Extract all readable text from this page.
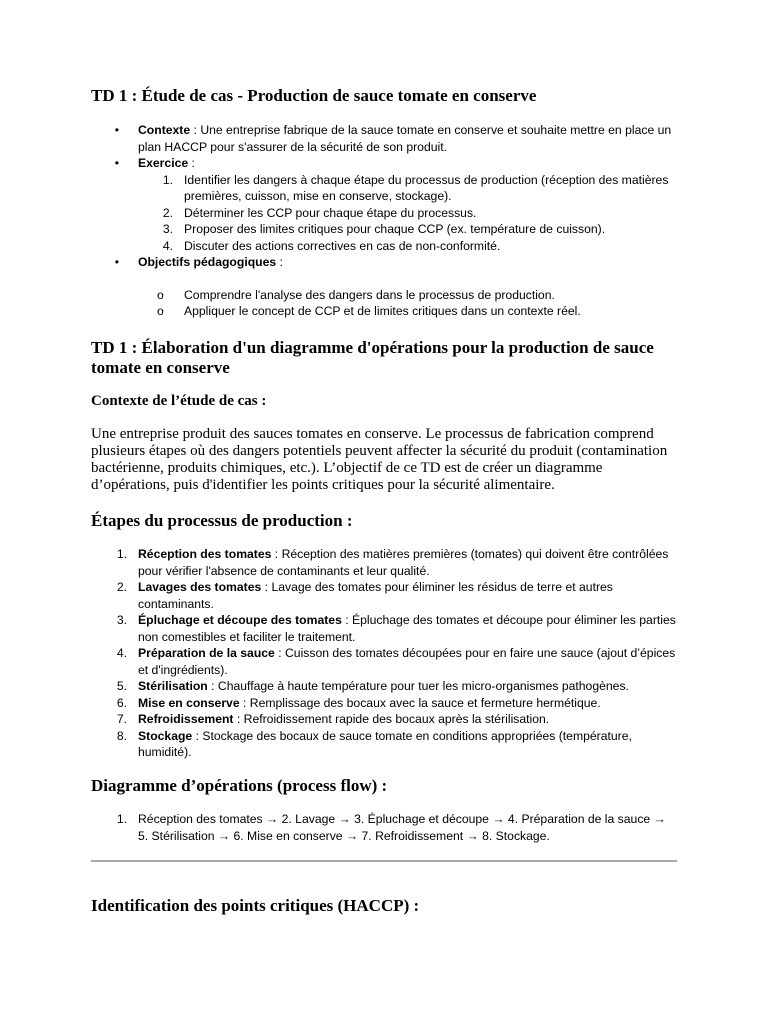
TD 1 : Étude de cas - Production de sauce tomate en conserve
• Contexte : Une entreprise fabrique de la sauce tomate en conserve et souhaite mettre en place un plan HACCP pour s'assurer de la sécurité de son produit.
• Exercice :
1. Identifier les dangers à chaque étape du processus de production (réception des matières premières, cuisson, mise en conserve, stockage).
2. Déterminer les CCP pour chaque étape du processus.
3. Proposer des limites critiques pour chaque CCP (ex. température de cuisson).
4. Discuter des actions correctives en cas de non-conformité.
• Objectifs pédagogiques :
o Comprendre l'analyse des dangers dans le processus de production.
o Appliquer le concept de CCP et de limites critiques dans un contexte réel.
TD 1 : Élaboration d'un diagramme d'opérations pour la production de sauce tomate en conserve
Contexte de l’étude de cas :

Une entreprise produit des sauces tomates en conserve. Le processus de fabrication comprend plusieurs étapes où des dangers potentiels peuvent affecter la sécurité du produit (contamination bactérienne, produits chimiques, etc.). L’objectif de ce TD est de créer un diagramme d’opérations, puis d'identifier les points critiques pour la sécurité alimentaire.

Étapes du processus de production :
1. Réception des tomates : Réception des matières premières (tomates) qui doivent être contrôlées pour vérifier l'absence de contaminants et leur qualité.
2. Lavages des tomates : Lavage des tomates pour éliminer les résidus de terre et autres contaminants.
3. Épluchage et découpe des tomates : Épluchage des tomates et découpe pour éliminer les parties non comestibles et faciliter le traitement.
4. Préparation de la sauce : Cuisson des tomates découpées pour en faire une sauce (ajout d’épices et d'ingrédients).
5. Stérilisation : Chauffage à haute température pour tuer les micro-organismes pathogènes.
6. Mise en conserve : Remplissage des bocaux avec la sauce et fermeture hermétique.
7. Refroidissement : Refroidissement rapide des bocaux après la stérilisation.
8. Stockage : Stockage des bocaux de sauce tomate en conditions appropriées (température, humidité).
Diagramme d’opérations (process flow) :
1. Réception des tomates → 2. Lavage → 3. Épluchage et découpe → 4. Préparation de la sauce → 5. Stérilisation → 6. Mise en conserve → 7. Refroidissement → 8. Stockage.
Identification des points critiques (HACCP) :
